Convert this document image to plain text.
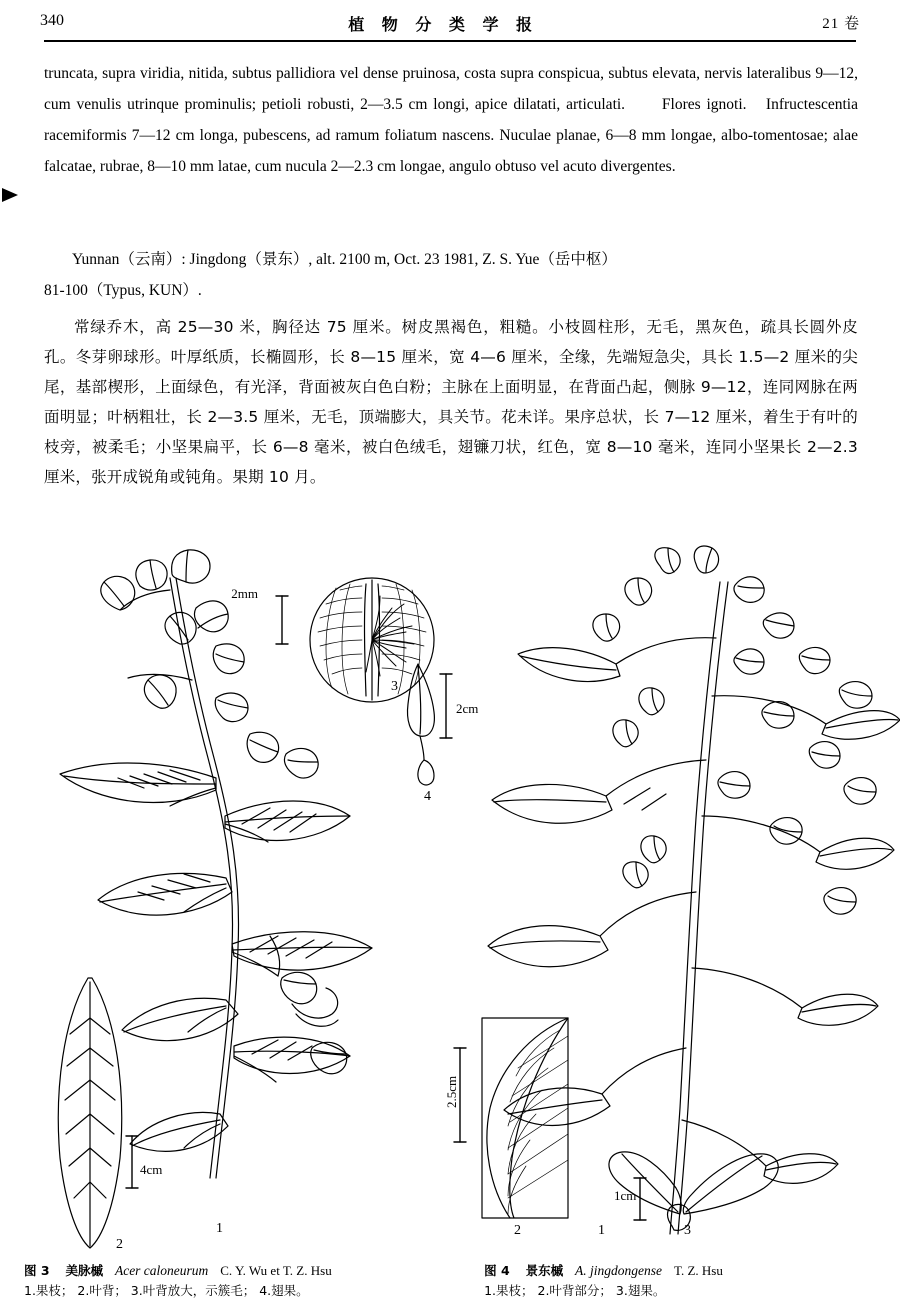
340	植 物 分 类 学 报	21 卷

truncata, supra viridia, nitida, subtus pallidiora vel dense pruinosa, costa supra conspicua, subtus elevata, nervis lateralibus 9—12, cum venulis utrinque prominulis; petioli robusti, 2—3.5 cm longi, apice dilatati, articulati.　　Flores ignoti.　Infructescentia racemiformis 7—12 cm longa, pubescens, ad ramum foliatum nascens. Nuculae planae, 6—8 mm longae, albo-tomentosae; alae falcatae, rubrae, 8—10 mm latae, cum nucula 2—2.3 cm longae, angulo obtuso vel acuto divergentes.

Yunnan（云南）: Jingdong（景东）, alt. 2100 m, Oct. 23 1981, Z. S. Yue（岳中枢）

81-100（Typus, KUN）.

常绿乔木，高 25—30 米，胸径达 75 厘米。树皮黑褐色，粗糙。小枝圆柱形，无毛，黑灰色，疏具长圆外皮孔。冬芽卵球形。叶厚纸质，长椭圆形，长 8—15 厘米，宽 4—6 厘米，全缘，先端短急尖，具长 1.5—2 厘米的尖尾，基部楔形，上面绿色，有光泽，背面被灰白色白粉；主脉在上面明显，在背面凸起，侧脉 9—12，连同网脉在两面明显；叶柄粗壮，长 2—3.5 厘米，无毛，顶端膨大，具关节。花未详。果序总状，长 7—12 厘米，着生于有叶的枝旁，被柔毛；小坚果扁平，长 6—8 毫米，被白色绒毛，翅镰刀状，红色，宽 8—10 毫米，连同小坚果长 2—2.3 厘米，张开成锐角或钝角。果期 10 月。

2mm
2cm
4cm
3
4
2
1
2.5cm
1cm
2	1	3
图 3 美脉槭 Acer caloneurum C. Y. Wu et T. Z. Hsu
1.果枝； 2.叶背； 3.叶背放大，示簇毛； 4.翅果。
图 4 景东槭 A. jingdongense T. Z. Hsu
1.果枝； 2.叶背部分； 3.翅果。
